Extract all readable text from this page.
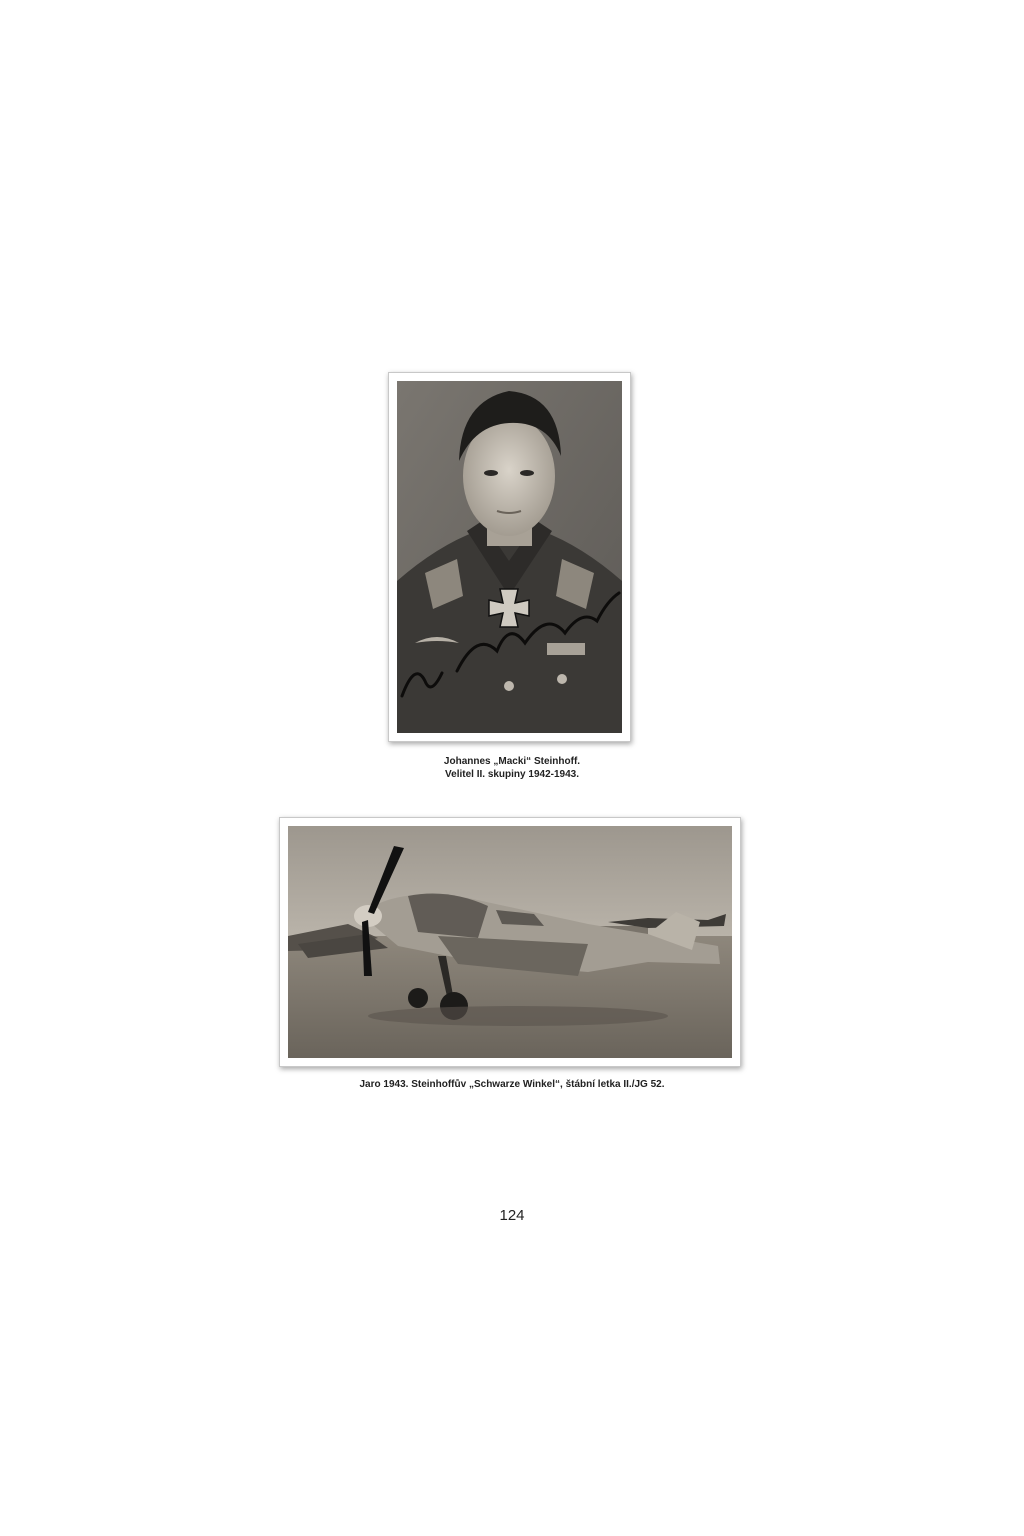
Johannes „Macki“ Steinhoff.
Velitel II. skupiny 1942-1943.
Jaro 1943. Steinhoffův „Schwarze Winkel“, štábní letka II./JG 52.
124
